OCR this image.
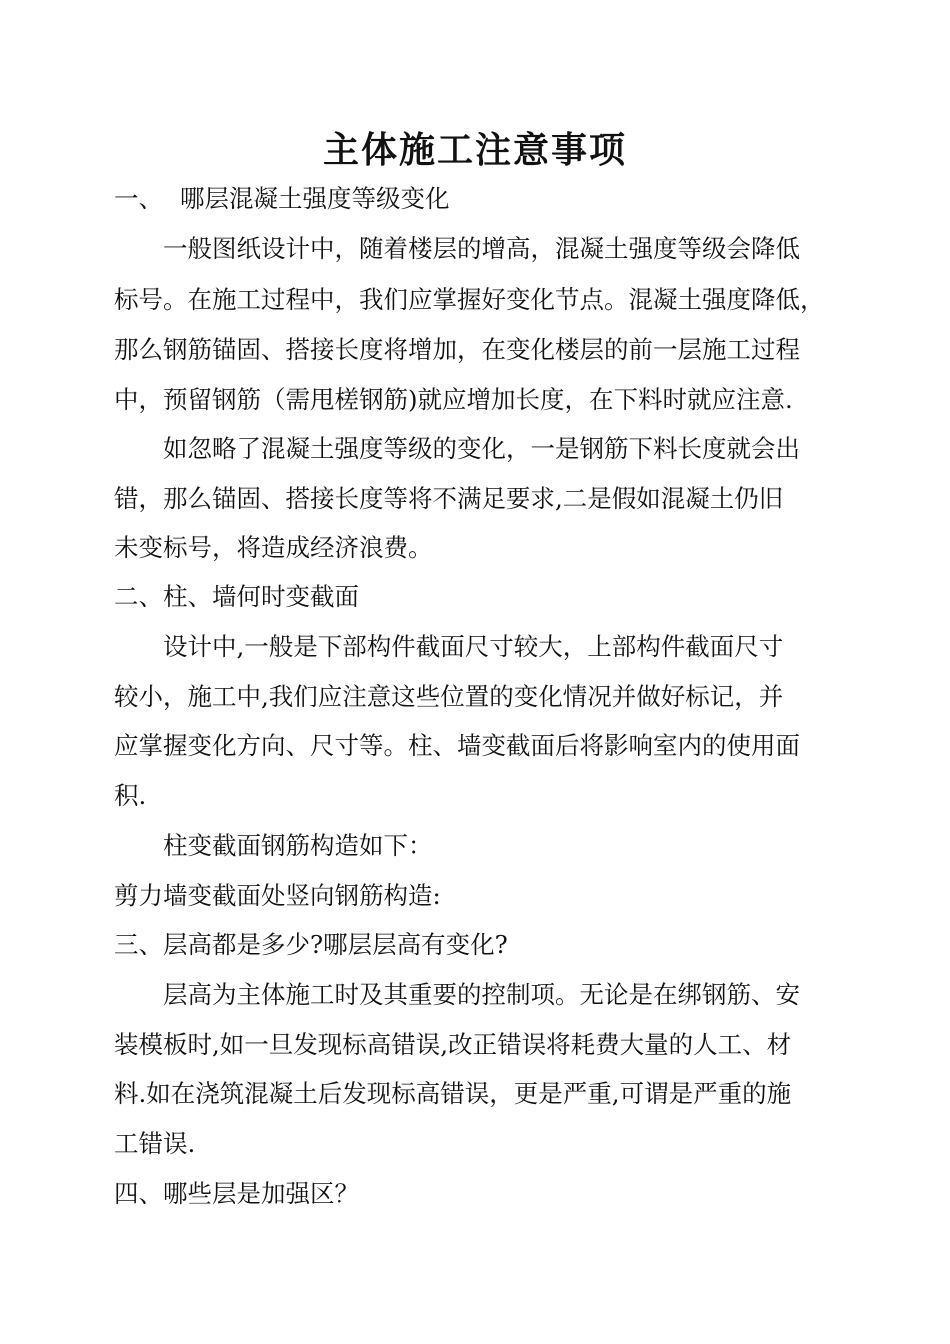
主体施工注意事项

一、 哪层混凝土强度等级变化

一般图纸设计中，随着楼层的增高，混凝土强度等级会降低

标号。在施工过程中，我们应掌握好变化节点。混凝土强度降低，

那么钢筋锚固、搭接长度将增加，在变化楼层的前一层施工过程

中，预留钢筋（需甩槎钢筋)就应增加长度，在下料时就应注意.

如忽略了混凝土强度等级的变化，一是钢筋下料长度就会出

错，那么锚固、搭接长度等将不满足要求,二是假如混凝土仍旧

未变标号，将造成经济浪费。

二、柱、墙何时变截面

设计中,一般是下部构件截面尺寸较大，上部构件截面尺寸

较小，施工中,我们应注意这些位置的变化情况并做好标记，并

应掌握变化方向、尺寸等。柱、墙变截面后将影响室内的使用面

积.

柱变截面钢筋构造如下：

剪力墙变截面处竖向钢筋构造:

三、层高都是多少?哪层层高有变化?

层高为主体施工时及其重要的控制项。无论是在绑钢筋、安

装模板时,如一旦发现标高错误,改正错误将耗费大量的人工、材

料.如在浇筑混凝土后发现标高错误，更是严重,可谓是严重的施

工错误.

四、哪些层是加强区？
